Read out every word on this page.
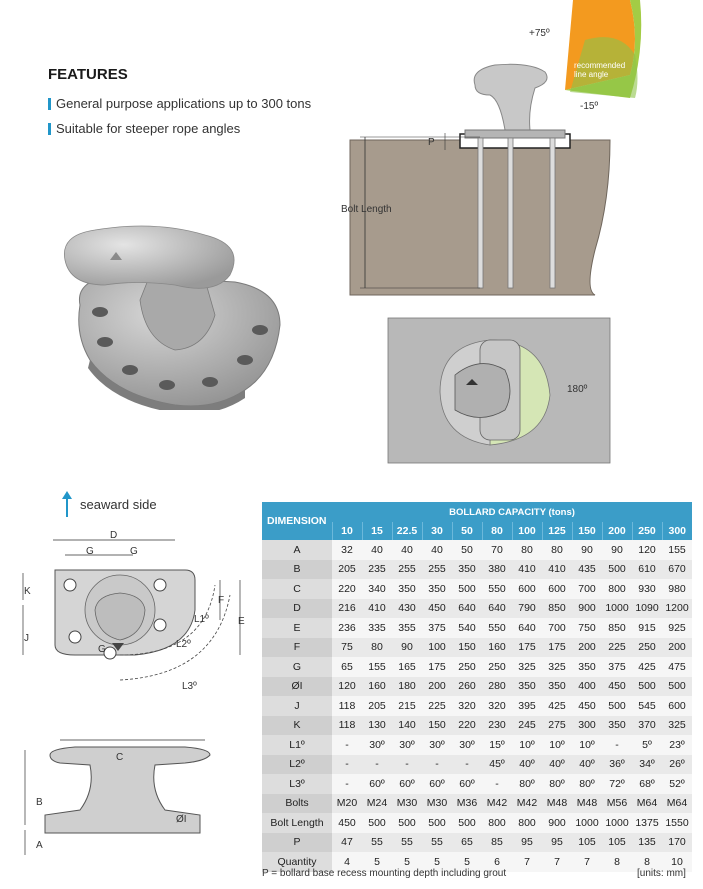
FEATURES
General purpose applications up to 300 tons
Suitable for steeper rope angles
+75º
recommended
line angle
-15º
P
Bolt Length
180º
seaward side
D
G	G
K
J
F
E
L1º
L2º
L3º
G
C
B
A
ØI
DIMENSION	BOLLARD CAPACITY (tons)											
	10	15	22.5	30	50	80	100	125	150	200	250	300
A	32	40	40	40	50	70	80	80	90	90	120	155
B	205	235	255	255	350	380	410	410	435	500	610	670
C	220	340	350	350	500	550	600	600	700	800	930	980
D	216	410	430	450	640	640	790	850	900	1000	1090	1200
E	236	335	355	375	540	550	640	700	750	850	915	925
F	75	80	90	100	150	160	175	175	200	225	250	200
G	65	155	165	175	250	250	325	325	350	375	425	475
ØI	120	160	180	200	260	280	350	350	400	450	500	500
J	118	205	215	225	320	320	395	425	450	500	545	600
K	118	130	140	150	220	230	245	275	300	350	370	325
L1º	-	30º	30º	30º	30º	15º	10º	10º	10º	-	5º	23º
L2º	-	-	-	-	-	45º	40º	40º	40º	36º	34º	26º
L3º	-	60º	60º	60º	60º	-	80º	80º	80º	72º	68º	52º
Bolts	M20	M24	M30	M30	M36	M42	M42	M48	M48	M56	M64	M64
Bolt Length	450	500	500	500	500	800	800	900	1000	1000	1375	1550
P	47	55	55	55	65	85	95	95	105	105	135	170
Quantity	4	5	5	5	5	6	7	7	7	8	8	10
P = bollard base recess mounting depth including grout	[units: mm]
